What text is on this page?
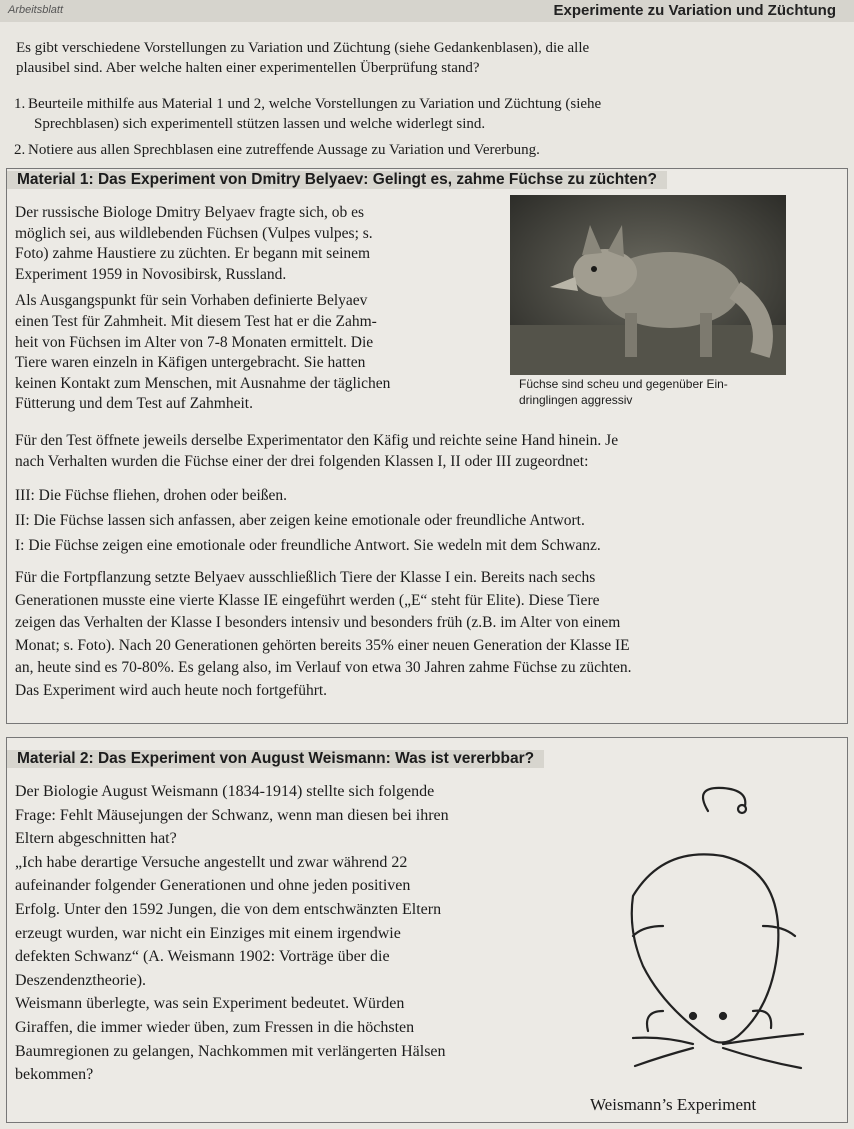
Arbeitsblatt	Experimente zu Variation und Züchtung
Es gibt verschiedene Vorstellungen zu Variation und Züchtung (siehe Gedankenblasen), die alle
plausibel sind. Aber welche halten einer experimentellen Überprüfung stand?
1. Beurteile mithilfe aus Material 1 und 2, welche Vorstellungen zu Variation und Züchtung (siehe
Sprechblasen) sich experimentell stützen lassen und welche widerlegt sind.
2. Notiere aus allen Sprechblasen eine zutreffende Aussage zu Variation und Vererbung.
Material 1: Das Experiment von Dmitry Belyaev: Gelingt es, zahme Füchse zu züchten?
Der russische Biologe Dmitry Belyaev fragte sich, ob es
möglich sei, aus wildlebenden Füchsen (Vulpes vulpes; s.
Foto) zahme Haustiere zu züchten. Er begann mit seinem
Experiment 1959 in Novosibirsk, Russland.
Als Ausgangspunkt für sein Vorhaben definierte Belyaev
einen Test für Zahmheit. Mit diesem Test hat er die Zahm-
heit von Füchsen im Alter von 7-8 Monaten ermittelt. Die
Tiere waren einzeln in Käfigen untergebracht. Sie hatten
keinen Kontakt zum Menschen, mit Ausnahme der täglichen
Fütterung und dem Test auf Zahmheit.
Füchse sind scheu und gegenüber Ein-
dringlingen aggressiv
Für den Test öffnete jeweils derselbe Experimentator den Käfig und reichte seine Hand hinein. Je
nach Verhalten wurden die Füchse einer der drei folgenden Klassen I, II oder III zugeordnet:
III: Die Füchse fliehen, drohen oder beißen.
II: Die Füchse lassen sich anfassen, aber zeigen keine emotionale oder freundliche Antwort.
I: Die Füchse zeigen eine emotionale oder freundliche Antwort. Sie wedeln mit dem Schwanz.
Für die Fortpflanzung setzte Belyaev ausschließlich Tiere der Klasse I ein. Bereits nach sechs
Generationen musste eine vierte Klasse IE eingeführt werden („E“ steht für Elite). Diese Tiere
zeigen das Verhalten der Klasse I besonders intensiv und besonders früh (z.B. im Alter von einem
Monat; s. Foto). Nach 20 Generationen gehörten bereits 35% einer neuen Generation der Klasse IE
an, heute sind es 70-80%. Es gelang also, im Verlauf von etwa 30 Jahren zahme Füchse zu züchten.
Das Experiment wird auch heute noch fortgeführt.
Material 2: Das Experiment von August Weismann: Was ist vererbbar?
Der Biologie August Weismann (1834-1914) stellte sich folgende
Frage: Fehlt Mäusejungen der Schwanz, wenn man diesen bei ihren
Eltern abgeschnitten hat?
„Ich habe derartige Versuche angestellt und zwar während 22
aufeinander folgender Generationen und ohne jeden positiven
Erfolg. Unter den 1592 Jungen, die von dem entschwänzten Eltern
erzeugt wurden, war nicht ein Einziges mit einem irgendwie
defekten Schwanz“ (A. Weismann 1902: Vorträge über die
Deszendenztheorie).
Weismann überlegte, was sein Experiment bedeutet. Würden
Giraffen, die immer wieder üben, zum Fressen in die höchsten
Baumregionen zu gelangen, Nachkommen mit verlängerten Hälsen
bekommen?
Weismann’s Experiment
